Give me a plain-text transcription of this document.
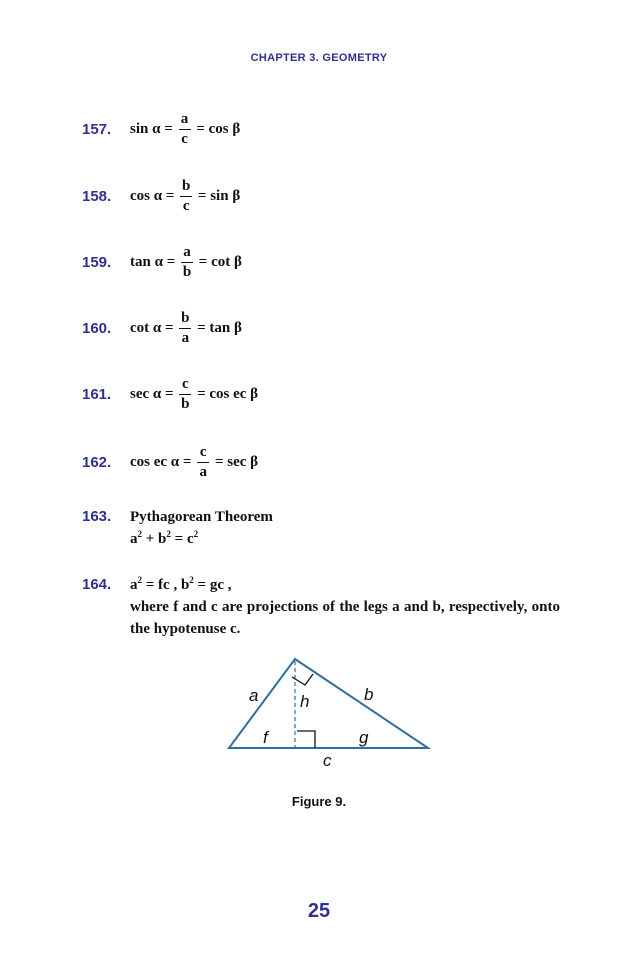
CHAPTER 3. GEOMETRY
157.	$\sin \alpha = \frac{a}{c} = \cos \beta$
158.	$\cos \alpha = \frac{b}{c} = \sin \beta$
159.	$\tan \alpha = \frac{a}{b} = \cot \beta$
160.	$\cot \alpha = \frac{b}{a} = \tan \beta$
161.	$\sec \alpha = \frac{c}{b} = \cos$ ec β
162.	cos ec $\alpha = \frac{c}{a} = \sec \beta$
163.	Pythagorean Theorem
$a^2 + b^2 = c^2$
164.	$a^2$ = fc , $b^2$ = gc ,
where f and c are projections of the legs a and b, respectively, onto the hypotenuse c.
a h	b
f	g
c
Figure 9.
25
